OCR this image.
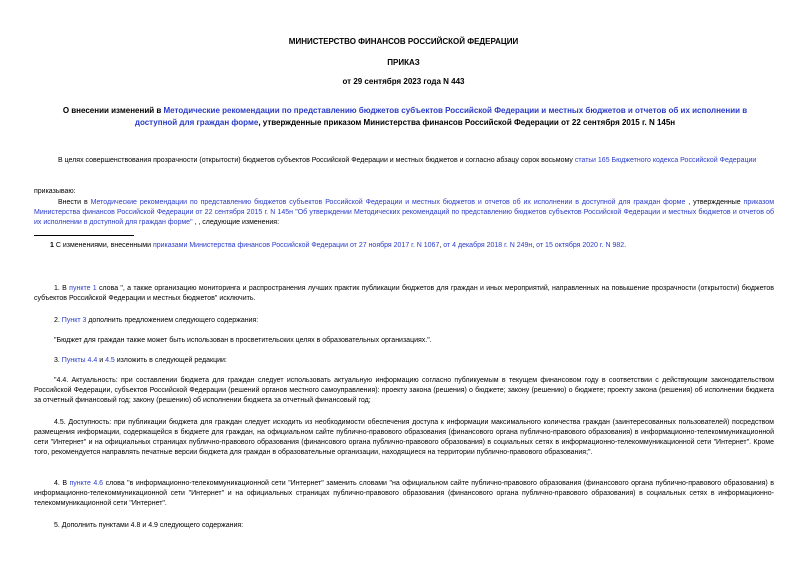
МИНИСТЕРСТВО ФИНАНСОВ РОССИЙСКОЙ ФЕДЕРАЦИИ
ПРИКАЗ
от 29 сентября 2023 года N 443
О внесении изменений в Методические рекомендации по представлению бюджетов субъектов Российской Федерации и местных бюджетов и отчетов об их исполнении в доступной для граждан форме, утвержденные приказом Министерства финансов Российской Федерации от 22 сентября 2015 г. N 145н
В целях совершенствования прозрачности (открытости) бюджетов субъектов Российской Федерации и местных бюджетов и согласно абзацу сорок восьмому статьи 165 Бюджетного кодекса Российской Федерации
приказываю:
Внести в Методические рекомендации по представлению бюджетов субъектов Российской Федерации и местных бюджетов и отчетов об их исполнении в доступной для граждан форме , утвержденные приказом Министерства финансов Российской Федерации от 22 сентября 2015 г. N 145н "Об утверждении Методических рекомендаций по представлению бюджетов субъектов Российской Федерации и местных бюджетов и отчетов об их исполнении в доступной для граждан форме" , , следующие изменения:
1 С изменениями, внесенными приказами Министерства финансов Российской Федерации от 27 ноября 2017 г. N 1067, от 4 декабря 2018 г. N 249н, от 15 октября 2020 г. N 982.
1. В пункте 1 слова ", а также организацию мониторинга и распространения лучших практик публикации бюджетов для граждан и иных мероприятий, направленных на повышение прозрачности (открытости) бюджетов субъектов Российской Федерации и местных бюджетов" исключить.
2. Пункт 3 дополнить предложением следующего содержания:
"Бюджет для граждан также может быть использован в просветительских целях в образовательных организациях.".
3. Пункты 4.4 и 4.5 изложить в следующей редакции:
"4.4. Актуальность: при составлении бюджета для граждан следует использовать актуальную информацию согласно публикуемым в текущем финансовом году в соответствии с действующим законодательством Российской Федерации, субъектов Российской Федерации (решений органов местного самоуправления): проекту закона (решения) о бюджете; закону (решению) о бюджете; проекту закона (решения) об исполнении бюджета за отчетный финансовый год; закону (решению) об исполнении бюджета за отчетный финансовый год;
4.5. Доступность: при публикации бюджета для граждан следует исходить из необходимости обеспечения доступа к информации максимального количества граждан (заинтересованных пользователей) посредством размещения информации, содержащейся в бюджете для граждан, на официальном сайте публично-правового образования (финансового органа публично-правового образования) в информационно-телекоммуникационной сети "Интернет" и на официальных страницах публично-правового образования (финансового органа публично-правового образования) в социальных сетях в информационно-телекоммуникационной сети "Интернет". Кроме того, рекомендуется направлять печатные версии бюджета для граждан в образовательные организации, находящиеся на территории публично-правового образования;".
4. В пункте 4.6 слова "в информационно-телекоммуникационной сети "Интернет" заменить словами "на официальном сайте публично-правового образования (финансового органа публично-правового образования) в информационно-телекоммуникационной сети "Интернет" и на официальных страницах публично-правового образования (финансового органа публично-правового образования) в социальных сетях в информационно-телекоммуникационной сети "Интернет".
5. Дополнить пунктами 4.8 и 4.9 следующего содержания:
